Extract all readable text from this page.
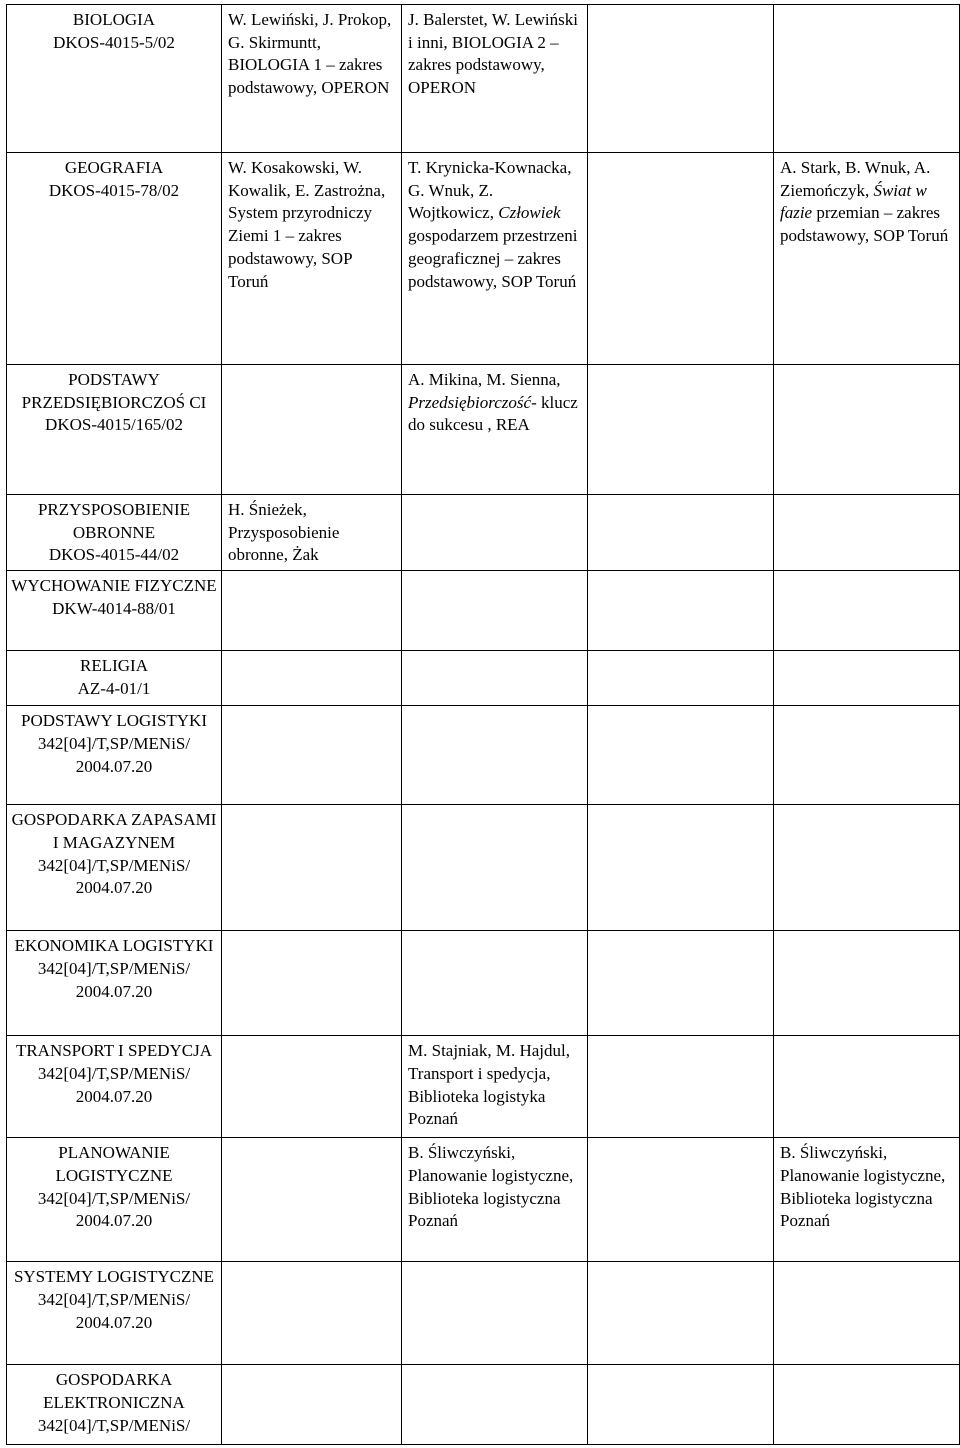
BIOLOGIA
DKOS-4015-5/02	W. Lewiński, J. Prokop, G. Skirmuntt, BIOLOGIA 1 – zakres podstawowy, OPERON	J. Balerstet, W. Lewiński i inni, BIOLOGIA 2 – zakres podstawowy, OPERON		

GEOGRAFIA
DKOS-4015-78/02	W. Kosakowski, W. Kowalik, E. Zastrożna, System przyrodniczy Ziemi 1 – zakres podstawowy, SOP Toruń	T. Krynicka-Kownacka, G. Wnuk, Z. Wojtkowicz, Człowiek gospodarzem przestrzeni geograficznej – zakres podstawowy, SOP Toruń		A. Stark, B. Wnuk, A. Ziemończyk, Świat w fazie przemian – zakres podstawowy, SOP Toruń

PODSTAWY PRZEDSIĘBIORCZOŚ CI
DKOS-4015/165/02		A. Mikina, M. Sienna, Przedsiębiorczość- klucz do sukcesu , REA		

PRZYSPOSOBIENIE OBRONNE
DKOS-4015-44/02	H. Śnieżek, Przysposobienie obronne, Żak			

WYCHOWANIE FIZYCZNE
DKW-4014-88/01				

RELIGIA
AZ-4-01/1				

PODSTAWY LOGISTYKI
342[04]/T,SP/MENiS/ 2004.07.20				

GOSPODARKA ZAPASAMI I MAGAZYNEM
342[04]/T,SP/MENiS/ 2004.07.20				

EKONOMIKA LOGISTYKI
342[04]/T,SP/MENiS/ 2004.07.20				

TRANSPORT I SPEDYCJA
342[04]/T,SP/MENiS/ 2004.07.20		M. Stajniak, M. Hajdul, Transport i spedycja, Biblioteka logistyka Poznań		

PLANOWANIE LOGISTYCZNE
342[04]/T,SP/MENiS/ 2004.07.20		B. Śliwczyński, Planowanie logistyczne, Biblioteka logistyczna Poznań		B. Śliwczyński, Planowanie logistyczne, Biblioteka logistyczna Poznań

SYSTEMY LOGISTYCZNE
342[04]/T,SP/MENiS/ 2004.07.20				

GOSPODARKA ELEKTRONICZNA
342[04]/T,SP/MENiS/				
